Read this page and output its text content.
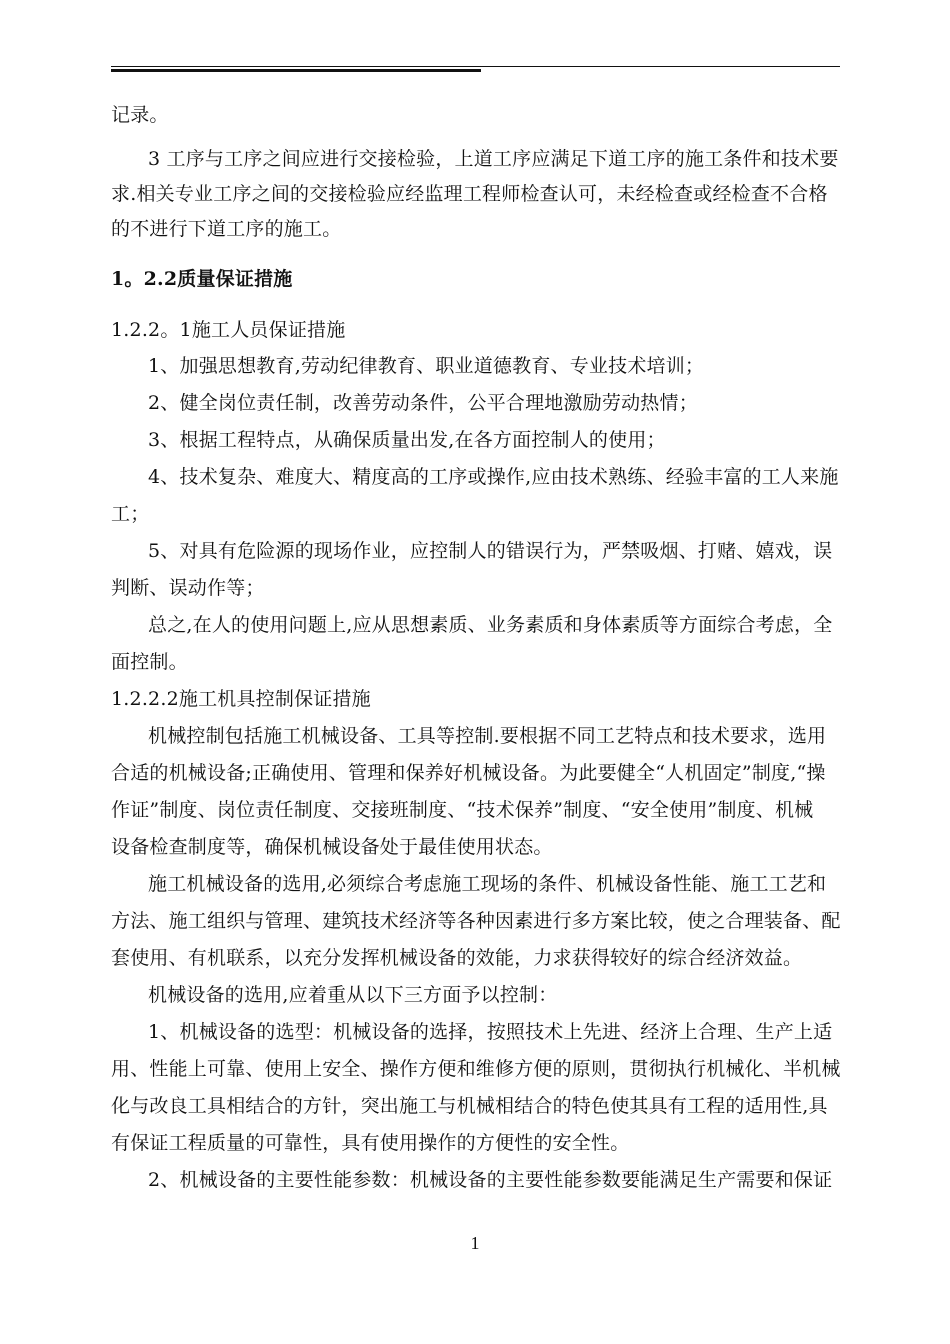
记录。
3 工序与工序之间应进行交接检验，上道工序应满足下道工序的施工条件和技术要
求.相关专业工序之间的交接检验应经监理工程师检查认可，未经检查或经检查不合格
的不进行下道工序的施工。
1。2.2质量保证措施
1.2.2。1施工人员保证措施
1、加强思想教育,劳动纪律教育、职业道德教育、专业技术培训；
2、健全岗位责任制，改善劳动条件，公平合理地激励劳动热情；
3、根据工程特点，从确保质量出发,在各方面控制人的使用；
4、技术复杂、难度大、精度高的工序或操作,应由技术熟练、经验丰富的工人来施
工；
5、对具有危险源的现场作业，应控制人的错误行为，严禁吸烟、打赌、嬉戏，误
判断、误动作等；
总之,在人的使用问题上,应从思想素质、业务素质和身体素质等方面综合考虑，全
面控制。
1.2.2.2施工机具控制保证措施
机械控制包括施工机械设备、工具等控制.要根据不同工艺特点和技术要求，选用
合适的机械设备;正确使用、管理和保养好机械设备。为此要健全“人机固定”制度,“操
作证”制度、岗位责任制度、交接班制度、“技术保养”制度、“安全使用”制度、机械
设备检查制度等，确保机械设备处于最佳使用状态。
施工机械设备的选用,必须综合考虑施工现场的条件、机械设备性能、施工工艺和
方法、施工组织与管理、建筑技术经济等各种因素进行多方案比较，使之合理装备、配
套使用、有机联系，以充分发挥机械设备的效能，力求获得较好的综合经济效益。
机械设备的选用,应着重从以下三方面予以控制：
1、机械设备的选型：机械设备的选择，按照技术上先进、经济上合理、生产上适
用、性能上可靠、使用上安全、操作方便和维修方便的原则，贯彻执行机械化、半机械
化与改良工具相结合的方针，突出施工与机械相结合的特色使其具有工程的适用性,具
有保证工程质量的可靠性，具有使用操作的方便性的安全性。
2、机械设备的主要性能参数：机械设备的主要性能参数要能满足生产需要和保证
1
